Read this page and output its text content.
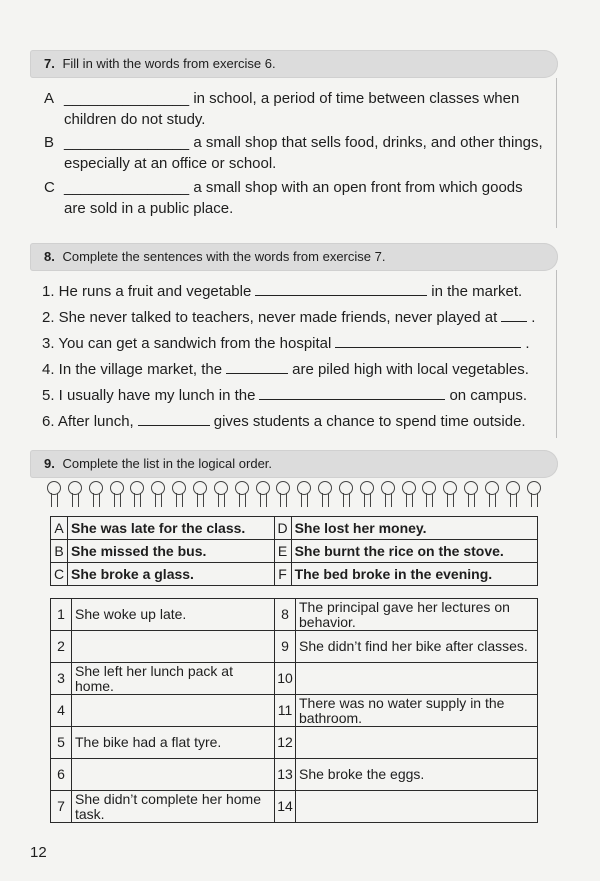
7. Fill in with the words from exercise 6.
A _______________ in school, a period of time between classes when
children do not study.
B _______________ a small shop that sells food, drinks, and other things,
especially at an office or school.
C _______________ a small shop with an open front from which goods
are sold in a public place.
8. Complete the sentences with the words from exercise 7.
1. He runs a fruit and vegetable	in the market.
2. She never talked to teachers, never made friends, never played at .
3. You can get a sandwich from the hospital	.
4. In the village market, the	are piled high with local vegetables.
5. I usually have my lunch in the	on campus.
6. After lunch,	gives students a chance to spend time outside.
9. Complete the list in the logical order.
A	She was late for the class.	D	She lost her money.
B	She missed the bus.	E	She burnt the rice on the stove.
C	She broke a glass.	F	The bed broke in the evening.
1	She woke up late.	8	The principal gave her lectures on behavior.
2		9	She didn’t find her bike after classes.
3	She left her lunch pack at home.	10	
4		11	There was no water supply in the bathroom.
5	The bike had a flat tyre.	12	
6		13	She broke the eggs.
7	She didn’t complete her home task.	14	
12
